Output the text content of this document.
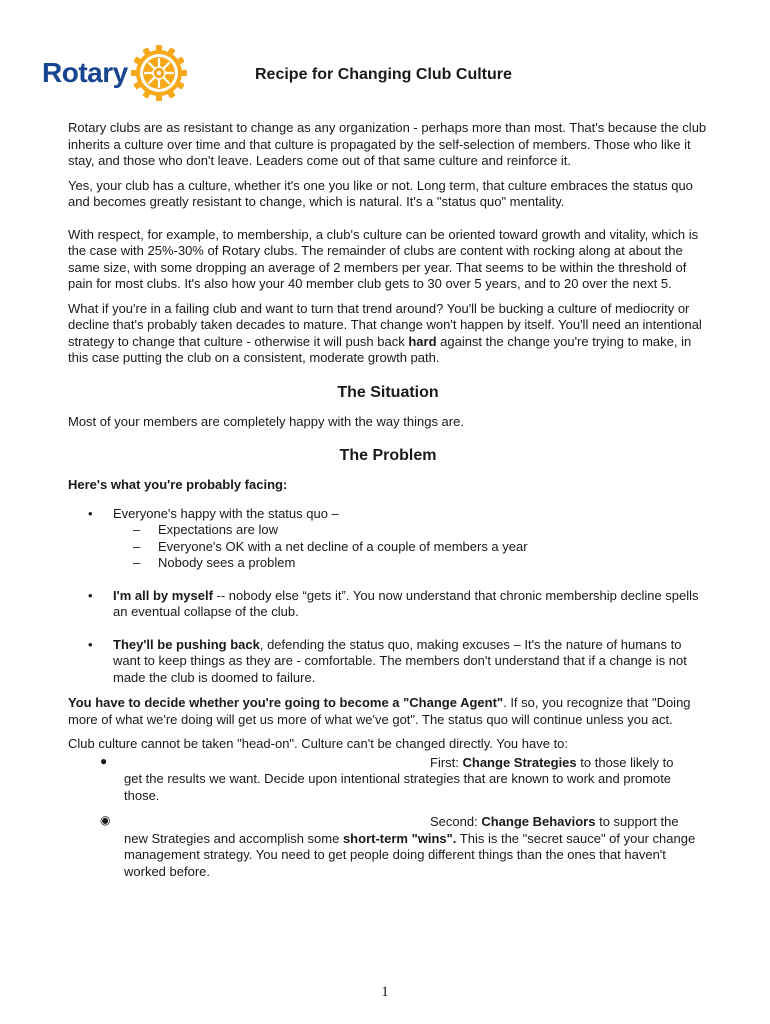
Rotary	Recipe for Changing Club Culture

Rotary clubs are as resistant to change as any organization - perhaps more than most. That's because the club inherits a culture over time and that culture is propagated by the self-selection of members. Those who like it stay, and those who don't leave. Leaders come out of that same culture and reinforce it.

Yes, your club has a culture, whether it's one you like or not. Long term, that culture embraces the status quo and becomes greatly resistant to change, which is natural. It's a "status quo" mentality.

With respect, for example, to membership, a club's culture can be oriented toward growth and vitality, which is the case with 25%-30% of Rotary clubs. The remainder of clubs are content with rocking along at about the same size, with some dropping an average of 2 members per year. That seems to be within the threshold of pain for most clubs. It's also how your 40 member club gets to 30 over 5 years, and to 20 over the next 5.

What if you're in a failing club and want to turn that trend around? You'll be bucking a culture of mediocrity or decline that's probably taken decades to mature. That change won't happen by itself. You'll need an intentional strategy to change that culture - otherwise it will push back hard against the change you're trying to make, in this case putting the club on a consistent, moderate growth path.

The Situation

Most of your members are completely happy with the way things are.

The Problem

Here's what you're probably facing:

• Everyone's happy with the status quo –
– Expectations are low
– Everyone's OK with a net decline of a couple of members a year
– Nobody sees a problem
• I'm all by myself -- nobody else “gets it”. You now understand that chronic membership decline spells an eventual collapse of the club.
• They'll be pushing back, defending the status quo, making excuses – It's the nature of humans to want to keep things as they are - comfortable. The members don't understand that if a change is not made the club is doomed to failure.

You have to decide whether you're going to become a "Change Agent". If so, you recognize that "Doing more of what we're doing will get us more of what we've got". The status quo will continue unless you act.

Club culture cannot be taken "head-on". Culture can't be changed directly. You have to:

●	First: Change Strategies to those likely to
get the results we want. Decide upon intentional strategies that are known to work and promote those.
◉	Second: Change Behaviors to support the
new Strategies and accomplish some short-term "wins". This is the "secret sauce" of your change management strategy. You need to get people doing different things than the ones that haven't worked before.
1
